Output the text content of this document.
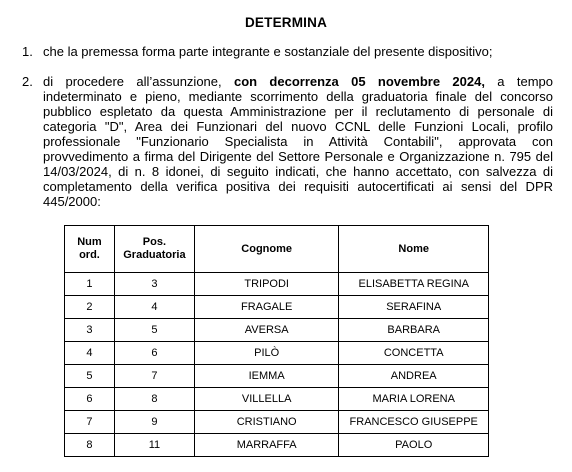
DETERMINA
1. che la premessa forma parte integrante e sostanziale del presente dispositivo;
2. di procedere all’assunzione, con decorrenza 05 novembre 2024, a tempo indeterminato e pieno, mediante scorrimento della graduatoria finale del concorso pubblico espletato da questa Amministrazione per il reclutamento di personale di categoria "D", Area dei Funzionari del nuovo CCNL delle Funzioni Locali, profilo professionale "Funzionario Specialista in Attività Contabili", approvata con provvedimento a firma del Dirigente del Settore Personale e Organizzazione n. 795 del 14/03/2024, di n. 8 idonei, di seguito indicati, che hanno accettato, con salvezza di completamento della verifica positiva dei requisiti autocertificati ai sensi del DPR 445/2000:
Num ord.	Pos. Graduatoria	Cognome	Nome
1	3	TRIPODI	ELISABETTA REGINA
2	4	FRAGALE	SERAFINA
3	5	AVERSA	BARBARA
4	6	PILÒ	CONCETTA
5	7	IEMMA	ANDREA
6	8	VILLELLA	MARIA LORENA
7	9	CRISTIANO	FRANCESCO GIUSEPPE
8	11	MARRAFFA	PAOLO
